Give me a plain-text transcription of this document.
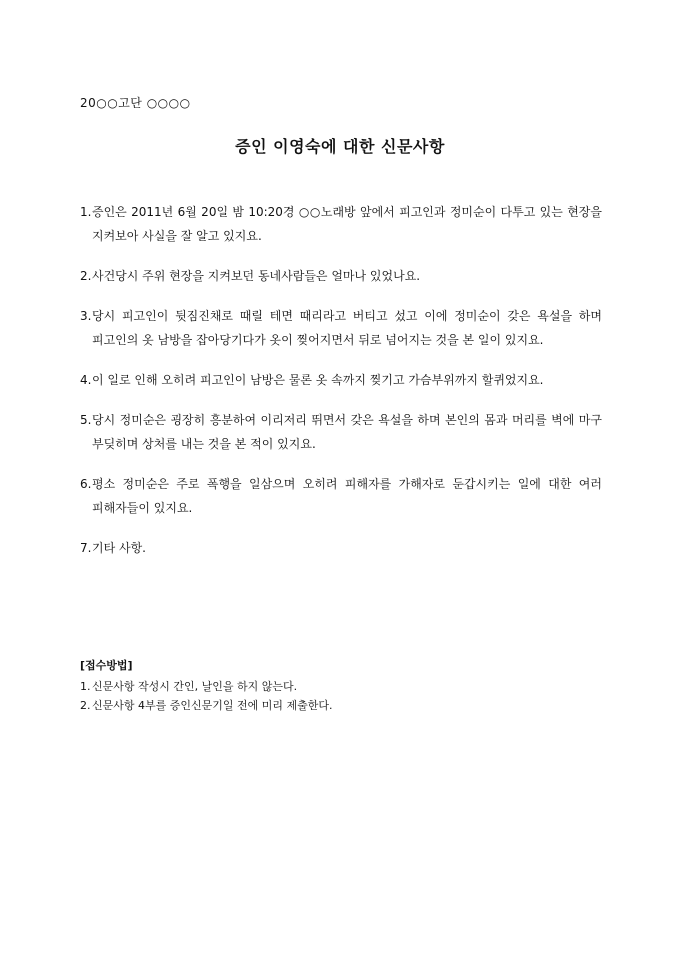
20○○고단 ○○○○
증인 이영숙에 대한 신문사항
1. 증인은 2011년 6월 20일 밤 10:20경 ○○노래방 앞에서 피고인과 정미순이 다투고 있는 현장을 지켜보아 사실을 잘 알고 있지요.
2. 사건당시 주위 현장을 지켜보던 동네사람들은 얼마나 있었나요.
3. 당시 피고인이 뒷짐진채로 때릴 테면 때리라고 버티고 섰고 이에 정미순이 갖은 욕설을 하며 피고인의 옷 남방을 잡아당기다가 옷이 찢어지면서 뒤로 넘어지는 것을 본 일이 있지요.
4. 이 일로 인해 오히려 피고인이 남방은 물론 옷 속까지 찢기고 가슴부위까지 할퀴었지요.
5. 당시 정미순은 굉장히 흥분하여 이리저리 뛰면서 갖은 욕설을 하며 본인의 몸과 머리를 벽에 마구 부딪히며 상처를 내는 것을 본 적이 있지요.
6. 평소 정미순은 주로 폭행을 일삼으며 오히려 피해자를 가해자로 둔갑시키는 일에 대한 여러 피해자들이 있지요.
7. 기타 사항.
[접수방법]
1. 신문사항 작성시 간인, 날인을 하지 않는다.
2. 신문사항 4부를 증인신문기일 전에 미리 제출한다.
